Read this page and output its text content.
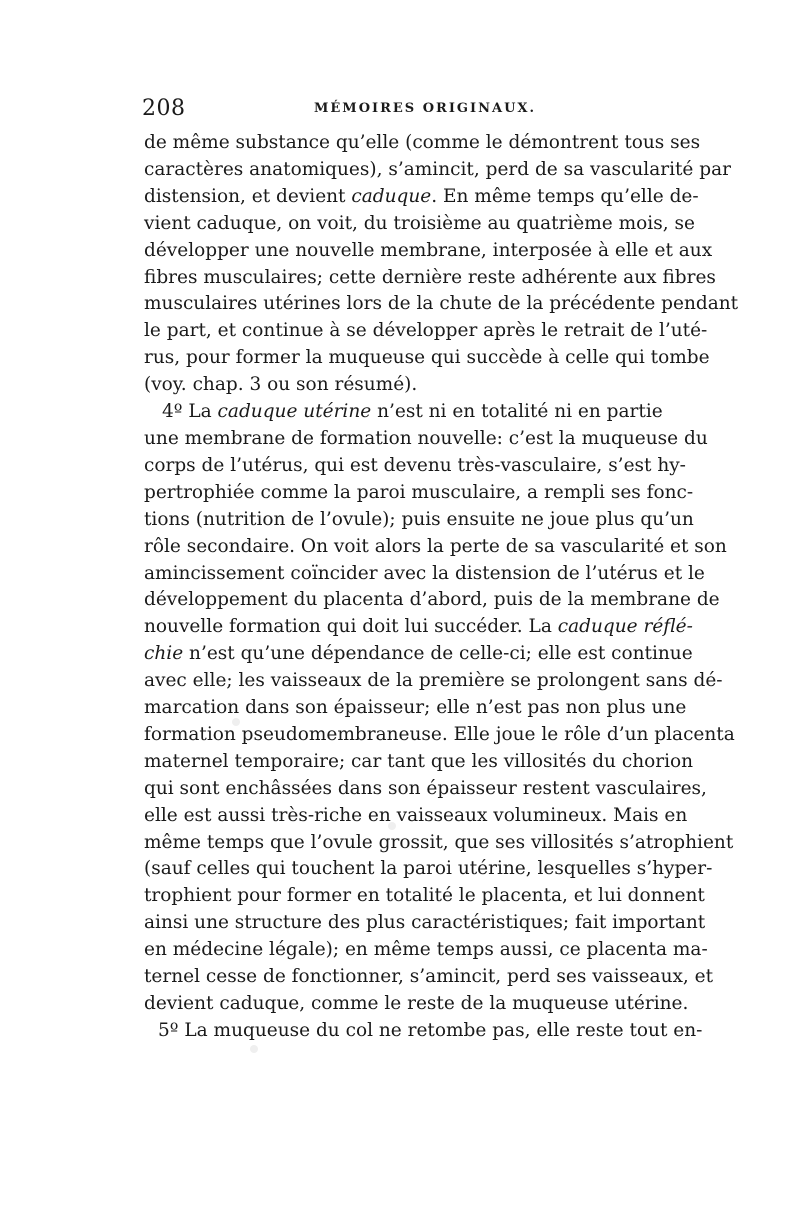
208	MÉMOIRES ORIGINAUX.
de même substance qu’elle (comme le démontrent tous ses
caractères anatomiques), s’amincit, perd de sa vascularité par
distension, et devient caduque. En même temps qu’elle de-
vient caduque, on voit, du troisième au quatrième mois, se
développer une nouvelle membrane, interposée à elle et aux
fibres musculaires; cette dernière reste adhérente aux fibres
musculaires utérines lors de la chute de la précédente pendant
le part, et continue à se développer après le retrait de l’uté-
rus, pour former la muqueuse qui succède à celle qui tombe
(voy. chap. 3 ou son résumé).
4º La caduque utérine n’est ni en totalité ni en partie
une membrane de formation nouvelle: c’est la muqueuse du
corps de l’utérus, qui est devenu très-vasculaire, s’est hy-
pertrophiée comme la paroi musculaire, a rempli ses fonc-
tions (nutrition de l’ovule); puis ensuite ne joue plus qu’un
rôle secondaire. On voit alors la perte de sa vascularité et son
amincissement coïncider avec la distension de l’utérus et le
développement du placenta d’abord, puis de la membrane de
nouvelle formation qui doit lui succéder. La caduque réflé-
chie n’est qu’une dépendance de celle-ci; elle est continue
avec elle; les vaisseaux de la première se prolongent sans dé-
marcation dans son épaisseur; elle n’est pas non plus une
formation pseudomembraneuse. Elle joue le rôle d’un placenta
maternel temporaire; car tant que les villosités du chorion
qui sont enchâssées dans son épaisseur restent vasculaires,
elle est aussi très-riche en vaisseaux volumineux. Mais en
même temps que l’ovule grossit, que ses villosités s’atrophient
(sauf celles qui touchent la paroi utérine, lesquelles s’hyper-
trophient pour former en totalité le placenta, et lui donnent
ainsi une structure des plus caractéristiques; fait important
en médecine légale); en même temps aussi, ce placenta ma-
ternel cesse de fonctionner, s’amincit, perd ses vaisseaux, et
devient caduque, comme le reste de la muqueuse utérine.
5º La muqueuse du col ne retombe pas, elle reste tout en-
